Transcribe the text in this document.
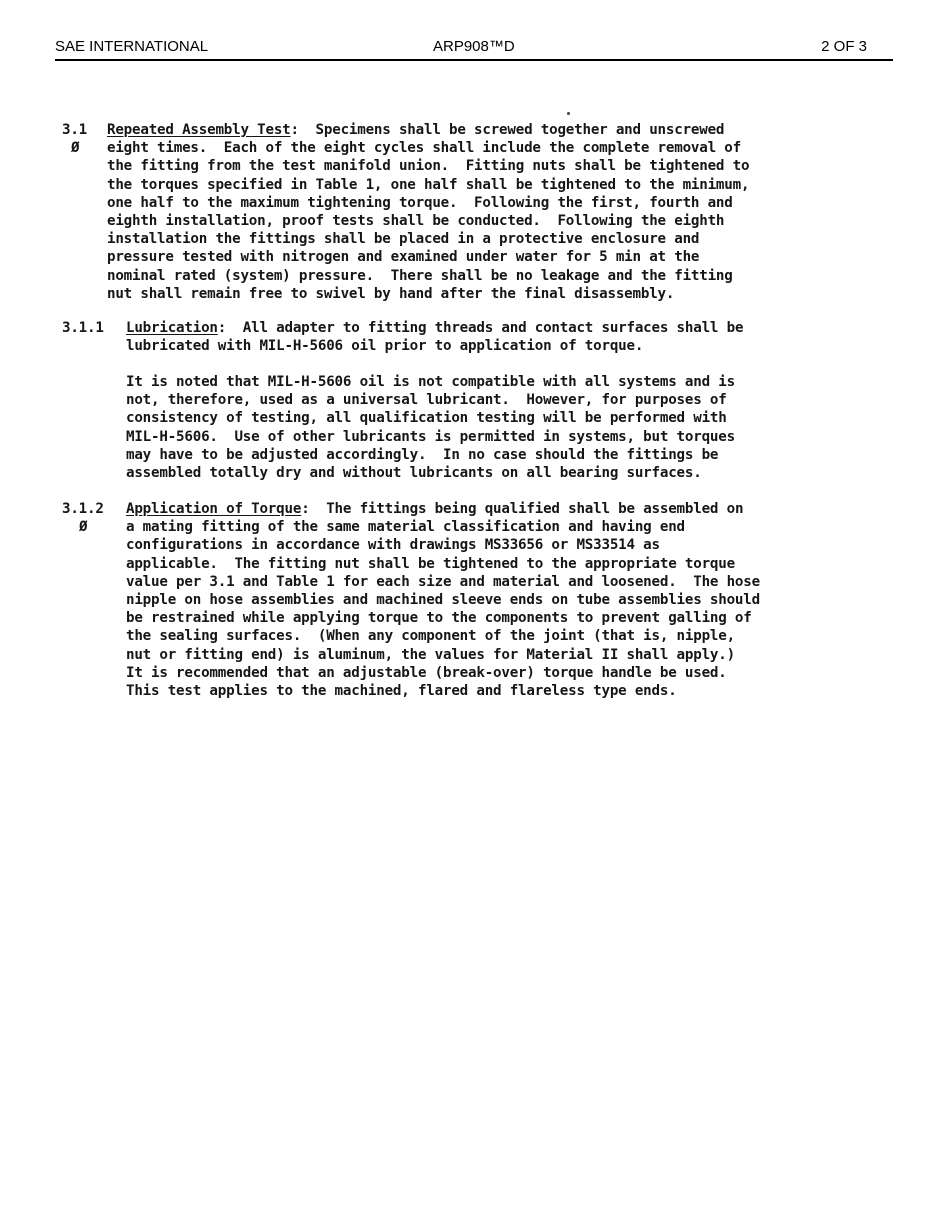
SAE INTERNATIONAL	ARP908™D	2 OF 3
3.1
Ø
Repeated Assembly Test:  Specimens shall be screwed together and unscrewed
eight times.  Each of the eight cycles shall include the complete removal of
the fitting from the test manifold union.  Fitting nuts shall be tightened to
the torques specified in Table 1, one half shall be tightened to the minimum,
one half to the maximum tightening torque.  Following the first, fourth and
eighth installation, proof tests shall be conducted.  Following the eighth
installation the fittings shall be placed in a protective enclosure and
pressure tested with nitrogen and examined under water for 5 min at the
nominal rated (system) pressure.  There shall be no leakage and the fitting
nut shall remain free to swivel by hand after the final disassembly.
3.1.1 Lubrication:  All adapter to fitting threads and contact surfaces shall be
lubricated with MIL-H-5606 oil prior to application of torque.
It is noted that MIL-H-5606 oil is not compatible with all systems and is
not, therefore, used as a universal lubricant.  However, for purposes of
consistency of testing, all qualification testing will be performed with
MIL-H-5606.  Use of other lubricants is permitted in systems, but torques
may have to be adjusted accordingly.  In no case should the fittings be
assembled totally dry and without lubricants on all bearing surfaces.
3.1.2
Ø
Application of Torque:  The fittings being qualified shall be assembled on
a mating fitting of the same material classification and having end
configurations in accordance with drawings MS33656 or MS33514 as
applicable.  The fitting nut shall be tightened to the appropriate torque
value per 3.1 and Table 1 for each size and material and loosened.  The hose
nipple on hose assemblies and machined sleeve ends on tube assemblies should
be restrained while applying torque to the components to prevent galling of
the sealing surfaces.  (When any component of the joint (that is, nipple,
nut or fitting end) is aluminum, the values for Material II shall apply.)
It is recommended that an adjustable (break-over) torque handle be used.
This test applies to the machined, flared and flareless type ends.
